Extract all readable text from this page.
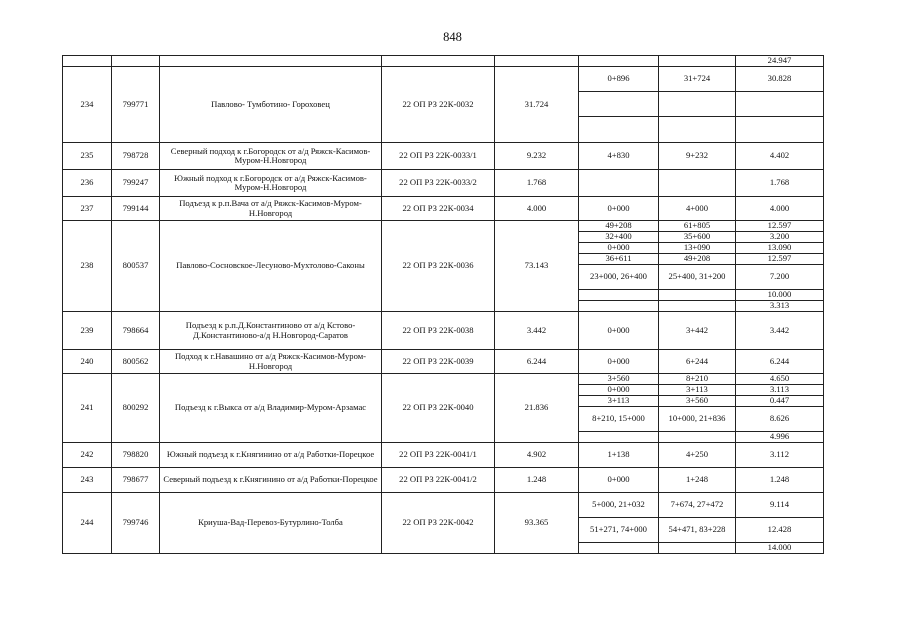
848
							24.947
234	799771	Павлово- Тумботино- Гороховец	22 ОП РЗ 22К-0032	31.724	0+896	31+724	30.828

235	798728	Северный подход к г.Богородск от а/д Ряжск-Касимов-Муром-Н.Новгород	22 ОП РЗ 22К-0033/1	9.232	4+830	9+232	4.402
236	799247	Южный подход к г.Богородск от а/д Ряжск-Касимов-Муром-Н.Новгород	22 ОП РЗ 22К-0033/2	1.768			1.768
237	799144	Подъезд к р.п.Вача от а/д Ряжск-Касимов-Муром-Н.Новгород	22 ОП РЗ 22К-0034	4.000	0+000	4+000	4.000
238	800537	Павлово-Сосновское-Лесуново-Мухтолово-Саконы	22 ОП РЗ 22К-0036	73.143	49+208	61+805	12.597
					32+400	35+600	3.200
					0+000	13+090	13.090
					36+611	49+208	12.597
					23+000, 26+400	25+400, 31+200	7.200
							10.000
							3.313
239	798664	Подъезд к р.п.Д.Константиново от а/д Кстово-Д.Константиново-а/д Н.Новгород-Саратов	22 ОП РЗ 22К-0038	3.442	0+000	3+442	3.442
240	800562	Подход к г.Навашино от а/д Ряжск-Касимов-Муром-Н.Новгород	22 ОП РЗ 22К-0039	6.244	0+000	6+244	6.244
241	800292	Подъезд к г.Выкса от а/д Владимир-Муром-Арзамас	22 ОП РЗ 22К-0040	21.836	3+560	8+210	4.650
					0+000	3+113	3.113
					3+113	3+560	0.447
					8+210, 15+000	10+000, 21+836	8.626
							4.996
242	798820	Южный подъезд к г.Княгинино от а/д Работки-Порецкое	22 ОП РЗ 22К-0041/1	4.902	1+138	4+250	3.112
243	798677	Северный подъезд к г.Княгинино от а/д Работки-Порецкое	22 ОП РЗ 22К-0041/2	1.248	0+000	1+248	1.248
244	799746	Криуша-Вад-Перевоз-Бутурлино-Толба	22 ОП РЗ 22К-0042	93.365	5+000, 21+032	7+674, 27+472	9.114
					51+271, 74+000	54+471, 83+228	12.428
							14.000
